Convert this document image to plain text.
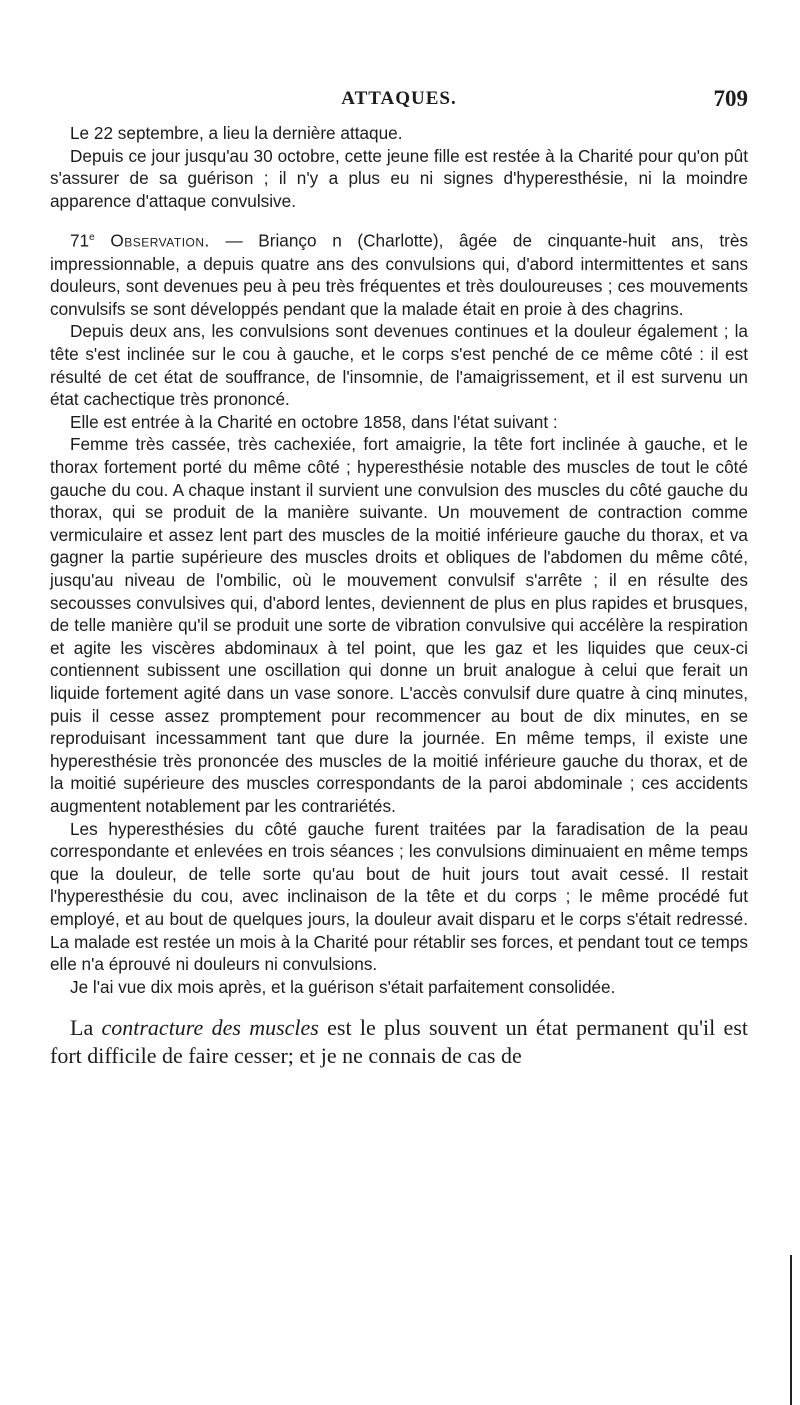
ATTAQUES.	709

Le 22 septembre, a lieu la dernière attaque.

Depuis ce jour jusqu'au 30 octobre, cette jeune fille est restée à la Charité pour qu'on pût s'assurer de sa guérison ; il n'y a plus eu ni signes d'hyperesthésie, ni la moindre apparence d'attaque convulsive.

71e Observation. — Brianço n (Charlotte), âgée de cinquante-huit ans, très impressionnable, a depuis quatre ans des convulsions qui, d'abord intermittentes et sans douleurs, sont devenues peu à peu très fréquentes et très douloureuses ; ces mouvements convulsifs se sont développés pendant que la malade était en proie à des chagrins.

Depuis deux ans, les convulsions sont devenues continues et la douleur également ; la tête s'est inclinée sur le cou à gauche, et le corps s'est penché de ce même côté : il est résulté de cet état de souffrance, de l'insomnie, de l'amaigrissement, et il est survenu un état cachectique très prononcé.

Elle est entrée à la Charité en octobre 1858, dans l'état suivant :

Femme très cassée, très cachexiée, fort amaigrie, la tête fort inclinée à gauche, et le thorax fortement porté du même côté ; hyperesthésie notable des muscles de tout le côté gauche du cou. A chaque instant il survient une convulsion des muscles du côté gauche du thorax, qui se produit de la manière suivante. Un mouvement de contraction comme vermiculaire et assez lent part des muscles de la moitié inférieure gauche du thorax, et va gagner la partie supérieure des muscles droits et obliques de l'abdomen du même côté, jusqu'au niveau de l'ombilic, où le mouvement convulsif s'arrête ; il en résulte des secousses convulsives qui, d'abord lentes, deviennent de plus en plus rapides et brusques, de telle manière qu'il se produit une sorte de vibration convulsive qui accélère la respiration et agite les viscères abdominaux à tel point, que les gaz et les liquides que ceux-ci contiennent subissent une oscillation qui donne un bruit analogue à celui que ferait un liquide fortement agité dans un vase sonore. L'accès convulsif dure quatre à cinq minutes, puis il cesse assez promptement pour recommencer au bout de dix minutes, en se reproduisant incessamment tant que dure la journée. En même temps, il existe une hyperesthésie très prononcée des muscles de la moitié inférieure gauche du thorax, et de la moitié supérieure des muscles correspondants de la paroi abdominale ; ces accidents augmentent notablement par les contrariétés.

Les hyperesthésies du côté gauche furent traitées par la faradisation de la peau correspondante et enlevées en trois séances ; les convulsions diminuaient en même temps que la douleur, de telle sorte qu'au bout de huit jours tout avait cessé. Il restait l'hyperesthésie du cou, avec inclinaison de la tête et du corps ; le même procédé fut employé, et au bout de quelques jours, la douleur avait disparu et le corps s'était redressé. La malade est restée un mois à la Charité pour rétablir ses forces, et pendant tout ce temps elle n'a éprouvé ni douleurs ni convulsions.

Je l'ai vue dix mois après, et la guérison s'était parfaitement consolidée.

La contracture des muscles est le plus souvent un état permanent qu'il est fort difficile de faire cesser; et je ne connais de cas de
